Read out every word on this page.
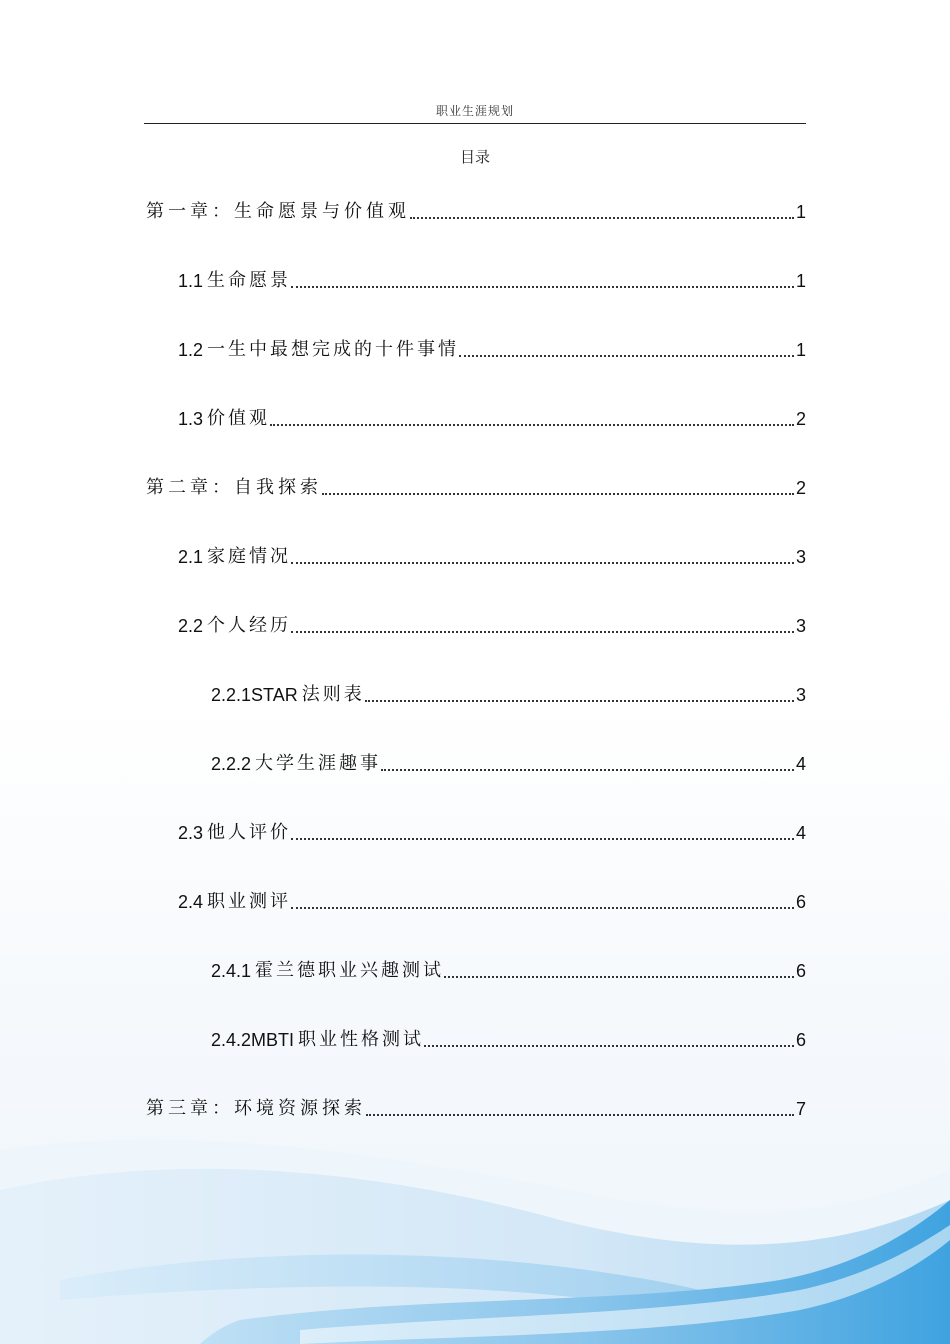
职业生涯规划
目录
第一章：生命愿景与价值观	1
1.1 生命愿景	1
1.2 一生中最想完成的十件事情	1
1.3 价值观	2
第二章：自我探索	2
2.1 家庭情况	3
2.2 个人经历	3
2.2.1STAR 法则表	3
2.2.2 大学生涯趣事	4
2.3 他人评价	4
2.4 职业测评	6
2.4.1 霍兰德职业兴趣测试	6
2.4.2MBTI 职业性格测试	6
第三章：环境资源探索	7
